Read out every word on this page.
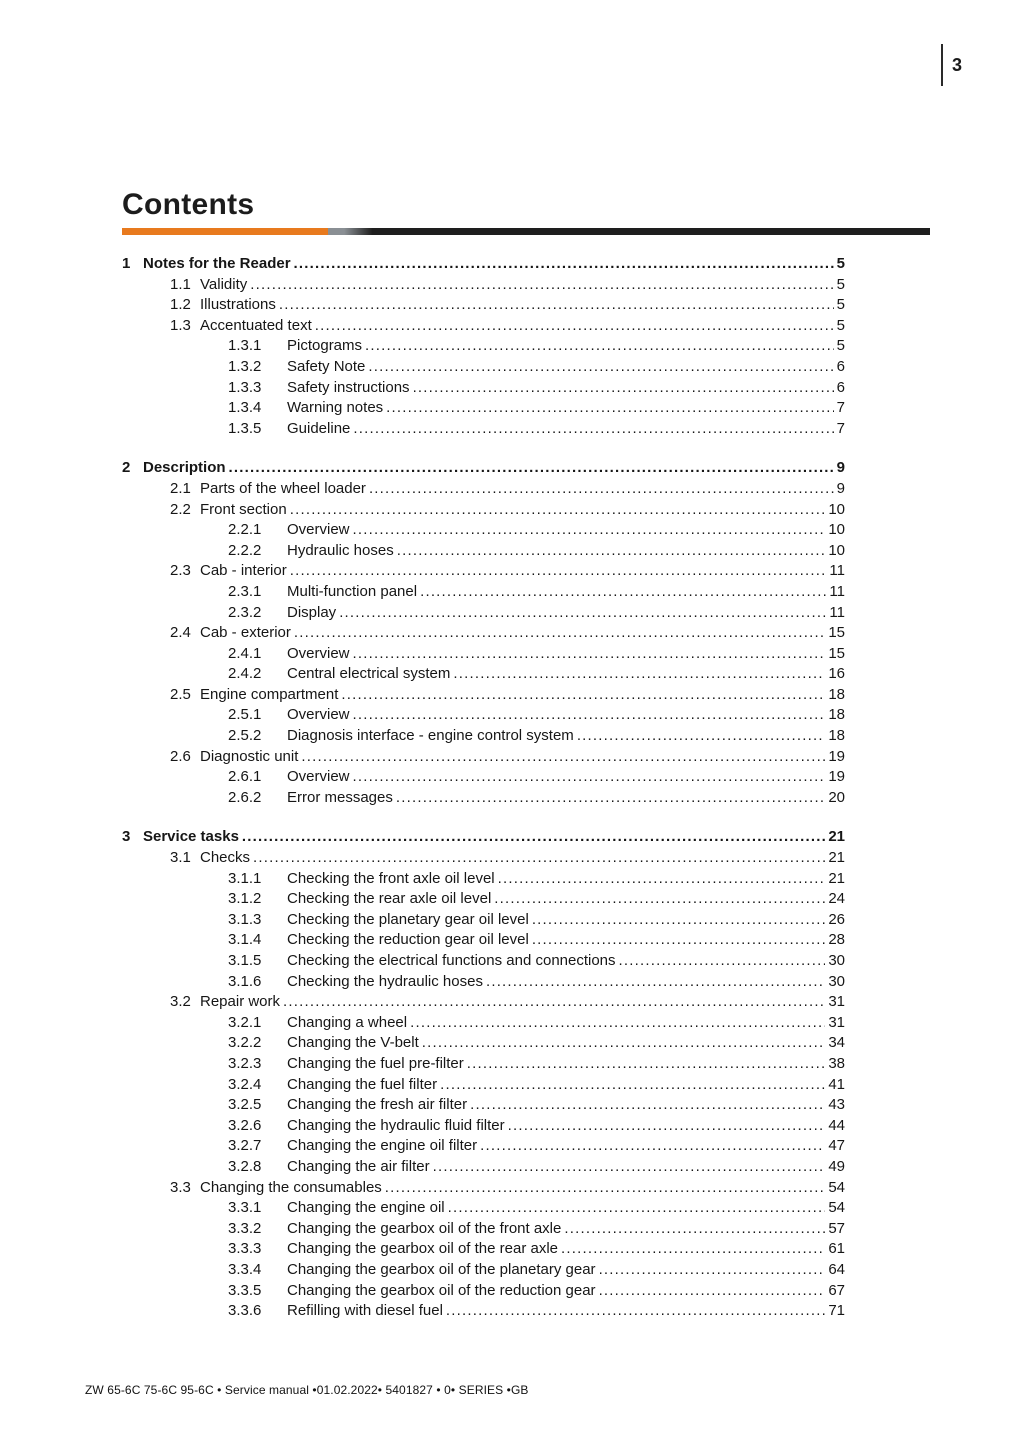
3
Contents
1 Notes for the Reader .....	5
1.1 Validity .....	5
1.2 Illustrations .....	5
1.3 Accentuated text .....	5
1.3.1	Pictograms .....	5
1.3.2	Safety Note .....	6
1.3.3	Safety instructions .....	6
1.3.4	Warning notes .....	7
1.3.5	Guideline .....	7
2 Description .....	9
2.1 Parts of the wheel loader .....	9
2.2 Front section .....	10
2.2.1	Overview .....	10
2.2.2	Hydraulic hoses .....	10
2.3 Cab - interior .....	11
2.3.1	Multi-function panel .....	11
2.3.2	Display .....	11
2.4 Cab - exterior .....	15
2.4.1	Overview .....	15
2.4.2	Central electrical system .....	16
2.5 Engine compartment .....	18
2.5.1	Overview .....	18
2.5.2	Diagnosis interface - engine control system .....	18
2.6 Diagnostic unit .....	19
2.6.1	Overview .....	19
2.6.2	Error messages .....	20
3 Service tasks .....	21
3.1 Checks .....	21
3.1.1	Checking the front axle oil level .....	21
3.1.2	Checking the rear axle oil level .....	24
3.1.3	Checking the planetary gear oil level .....	26
3.1.4	Checking the reduction gear oil level .....	28
3.1.5	Checking the electrical functions and connections .....	30
3.1.6	Checking the hydraulic hoses .....	30
3.2 Repair work .....	31
3.2.1	Changing a wheel .....	31
3.2.2	Changing the V-belt .....	34
3.2.3	Changing the fuel pre-filter .....	38
3.2.4	Changing the fuel filter .....	41
3.2.5	Changing the fresh air filter .....	43
3.2.6	Changing the hydraulic fluid filter .....	44
3.2.7	Changing the engine oil filter .....	47
3.2.8	Changing the air filter .....	49
3.3 Changing the consumables .....	54
3.3.1	Changing the engine oil .....	54
3.3.2	Changing the gearbox oil of the front axle .....	57
3.3.3	Changing the gearbox oil of the rear axle .....	61
3.3.4	Changing the gearbox oil of the planetary gear .....	64
3.3.5	Changing the gearbox oil of the reduction gear .....	67
3.3.6	Refilling with diesel fuel .....	71
ZW 65-6C 75-6C 95-6C • Service manual •01.02.2022• 5401827 • 0• SERIES •GB
